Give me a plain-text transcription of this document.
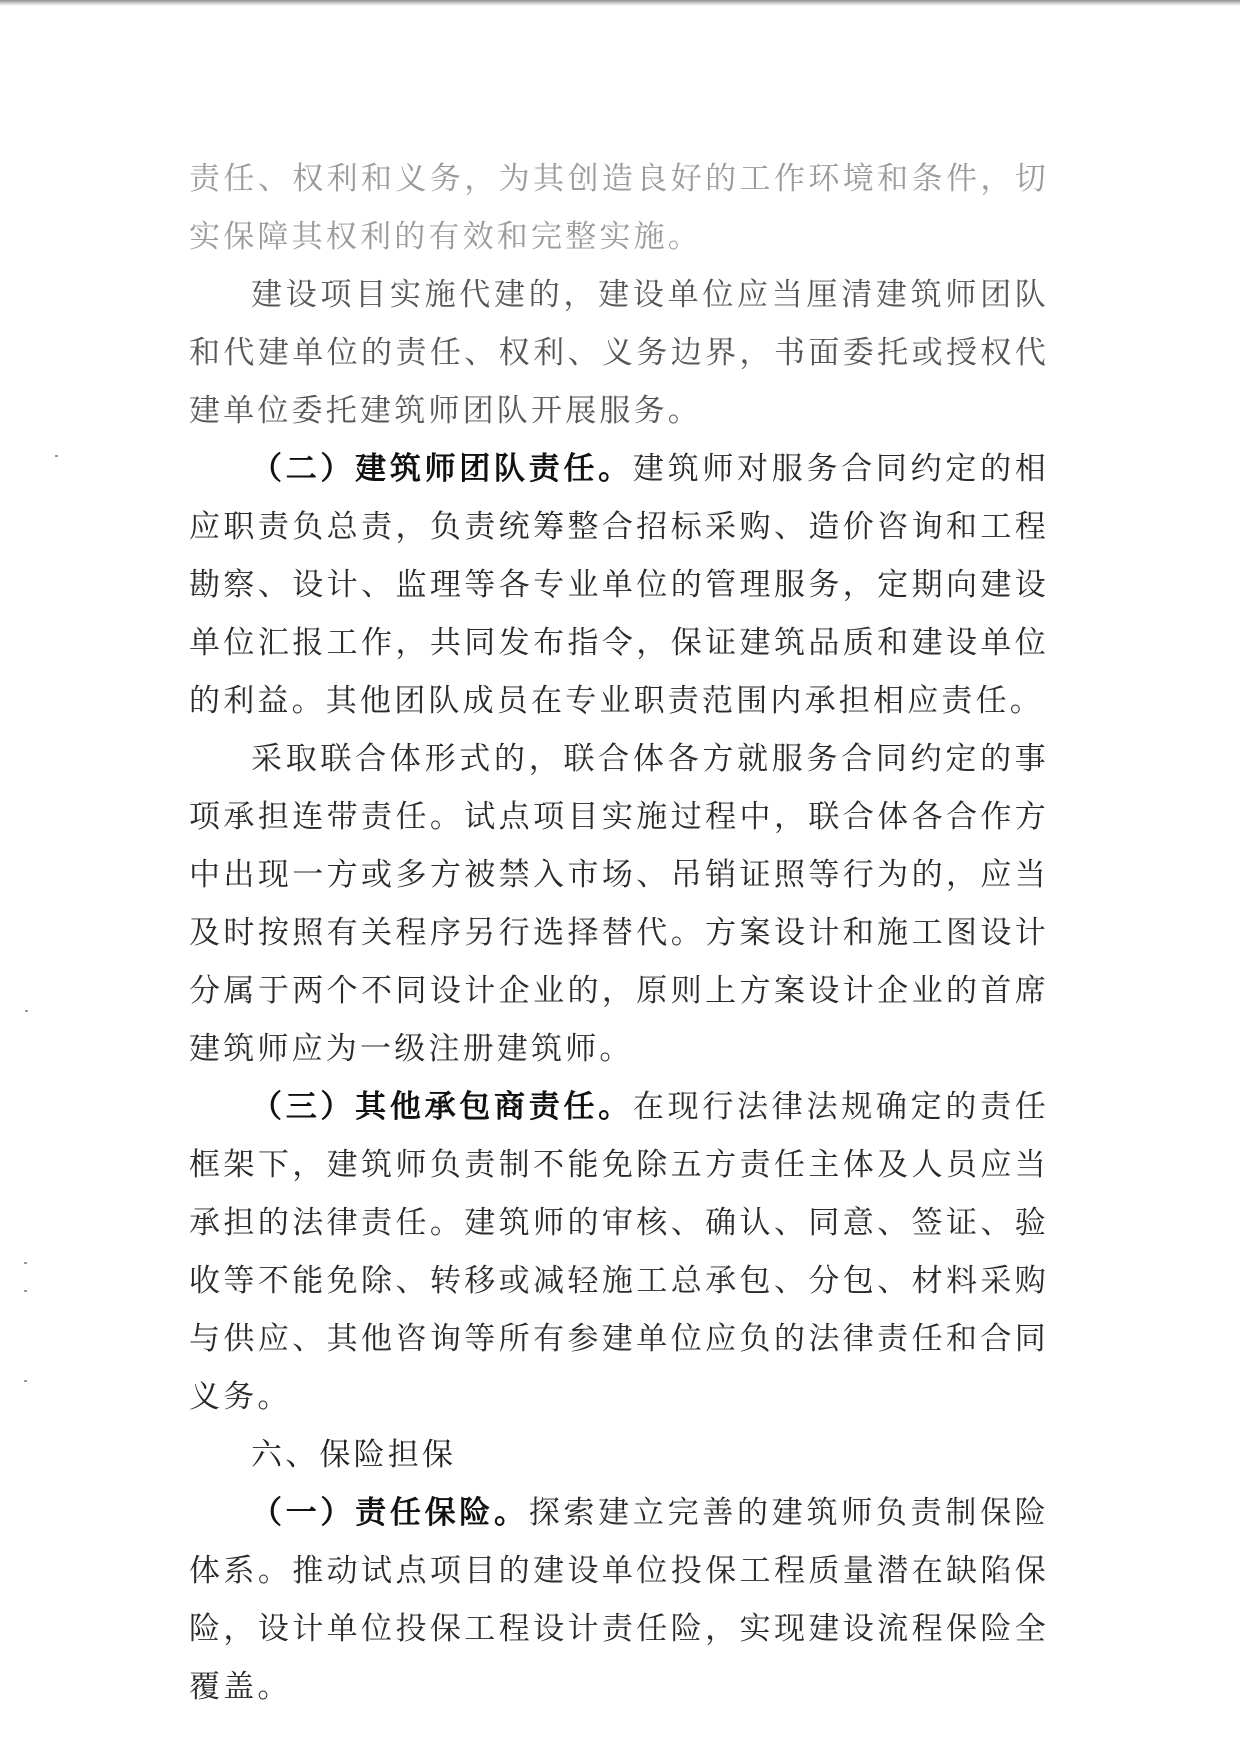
责任、权利和义务，为其创造良好的工作环境和条件，切实保障其权利的有效和完整实施。

建设项目实施代建的，建设单位应当厘清建筑师团队和代建单位的责任、权利、义务边界，书面委托或授权代建单位委托建筑师团队开展服务。

（二）建筑师团队责任。建筑师对服务合同约定的相应职责负总责，负责统筹整合招标采购、造价咨询和工程勘察、设计、监理等各专业单位的管理服务，定期向建设单位汇报工作，共同发布指令，保证建筑品质和建设单位的利益。其他团队成员在专业职责范围内承担相应责任。

采取联合体形式的，联合体各方就服务合同约定的事项承担连带责任。试点项目实施过程中，联合体各合作方中出现一方或多方被禁入市场、吊销证照等行为的，应当及时按照有关程序另行选择替代。方案设计和施工图设计分属于两个不同设计企业的，原则上方案设计企业的首席建筑师应为一级注册建筑师。

（三）其他承包商责任。在现行法律法规确定的责任框架下，建筑师负责制不能免除五方责任主体及人员应当承担的法律责任。建筑师的审核、确认、同意、签证、验收等不能免除、转移或减轻施工总承包、分包、材料采购与供应、其他咨询等所有参建单位应负的法律责任和合同义务。

六、保险担保

（一）责任保险。探索建立完善的建筑师负责制保险体系。推动试点项目的建设单位投保工程质量潜在缺陷保险，设计单位投保工程设计责任险，实现建设流程保险全覆盖。
